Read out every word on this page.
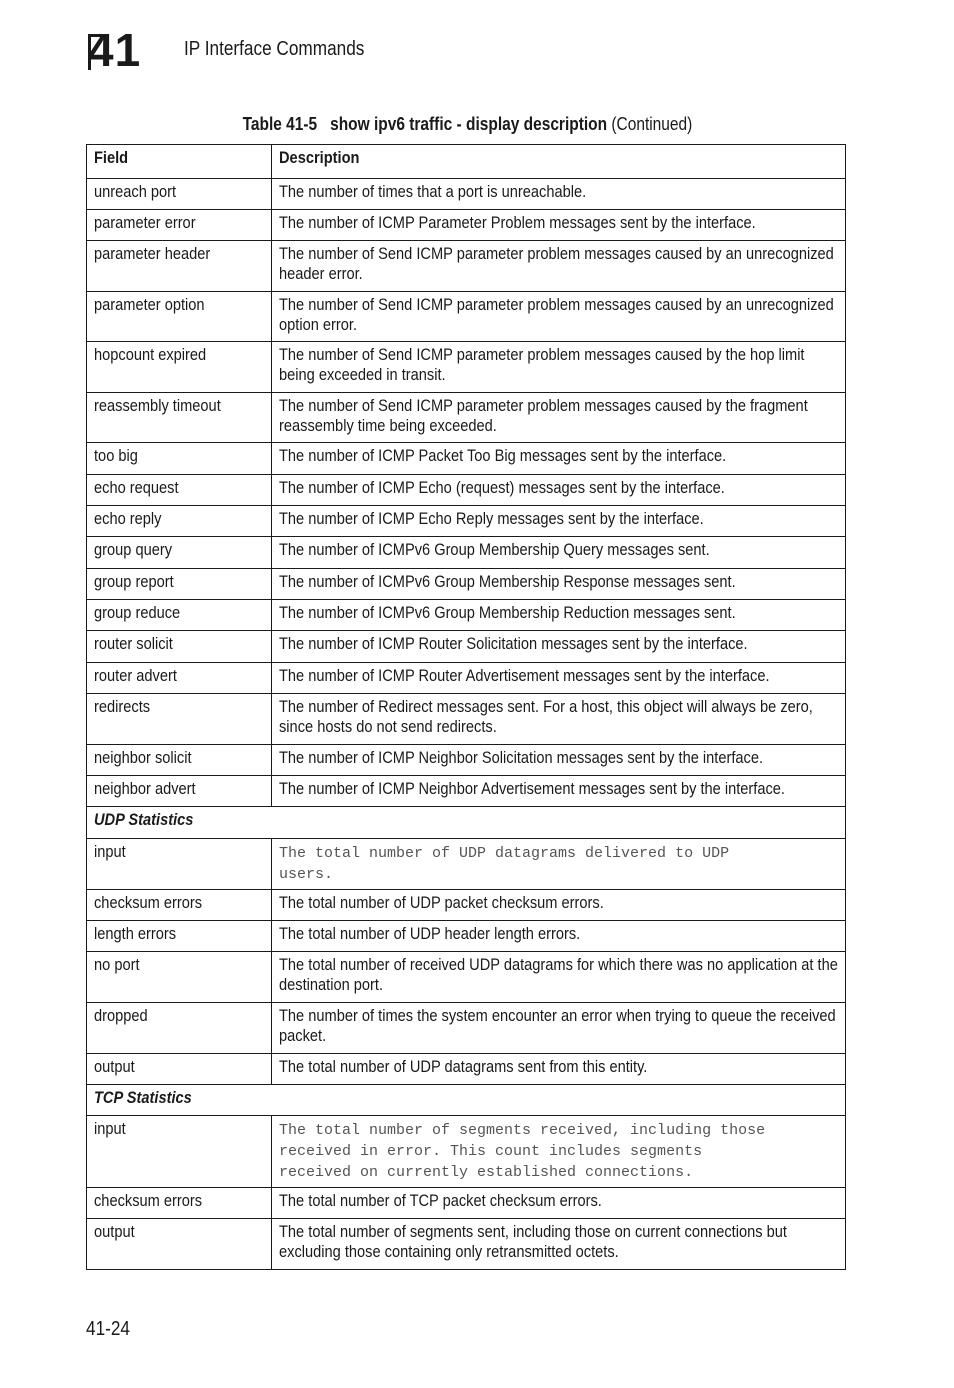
41 IP Interface Commands
Table 41-5 show ipv6 traffic - display description (Continued)
Field	Description

unreach port	The number of times that a port is unreachable.

parameter error	The number of ICMP Parameter Problem messages sent by the interface.

parameter header	The number of Send ICMP parameter problem messages caused by an unrecognized header error.

parameter option	The number of Send ICMP parameter problem messages caused by an unrecognized option error.

hopcount expired	The number of Send ICMP parameter problem messages caused by the hop limit being exceeded in transit.

reassembly timeout	The number of Send ICMP parameter problem messages caused by the fragment reassembly time being exceeded.

too big	The number of ICMP Packet Too Big messages sent by the interface.

echo request	The number of ICMP Echo (request) messages sent by the interface.

echo reply	The number of ICMP Echo Reply messages sent by the interface.

group query	The number of ICMPv6 Group Membership Query messages sent.

group report	The number of ICMPv6 Group Membership Response messages sent.

group reduce	The number of ICMPv6 Group Membership Reduction messages sent.

router solicit	The number of ICMP Router Solicitation messages sent by the interface.

router advert	The number of ICMP Router Advertisement messages sent by the interface.

redirects	The number of Redirect messages sent. For a host, this object will always be zero, since hosts do not send redirects.

neighbor solicit	The number of ICMP Neighbor Solicitation messages sent by the interface.

neighbor advert	The number of ICMP Neighbor Advertisement messages sent by the interface.

UDP Statistics	

input	The total number of UDP datagrams delivered to UDP
users.

checksum errors	The total number of UDP packet checksum errors.

length errors	The total number of UDP header length errors.

no port	The total number of received UDP datagrams for which there was no application at the destination port.

dropped	The number of times the system encounter an error when trying to queue the received packet.

output	The total number of UDP datagrams sent from this entity.

TCP Statistics	

input	The total number of segments received, including those
received in error. This count includes segments
received on currently established connections.

checksum errors	The total number of TCP packet checksum errors.

output	The total number of segments sent, including those on current connections but excluding those containing only retransmitted octets.
41-24
